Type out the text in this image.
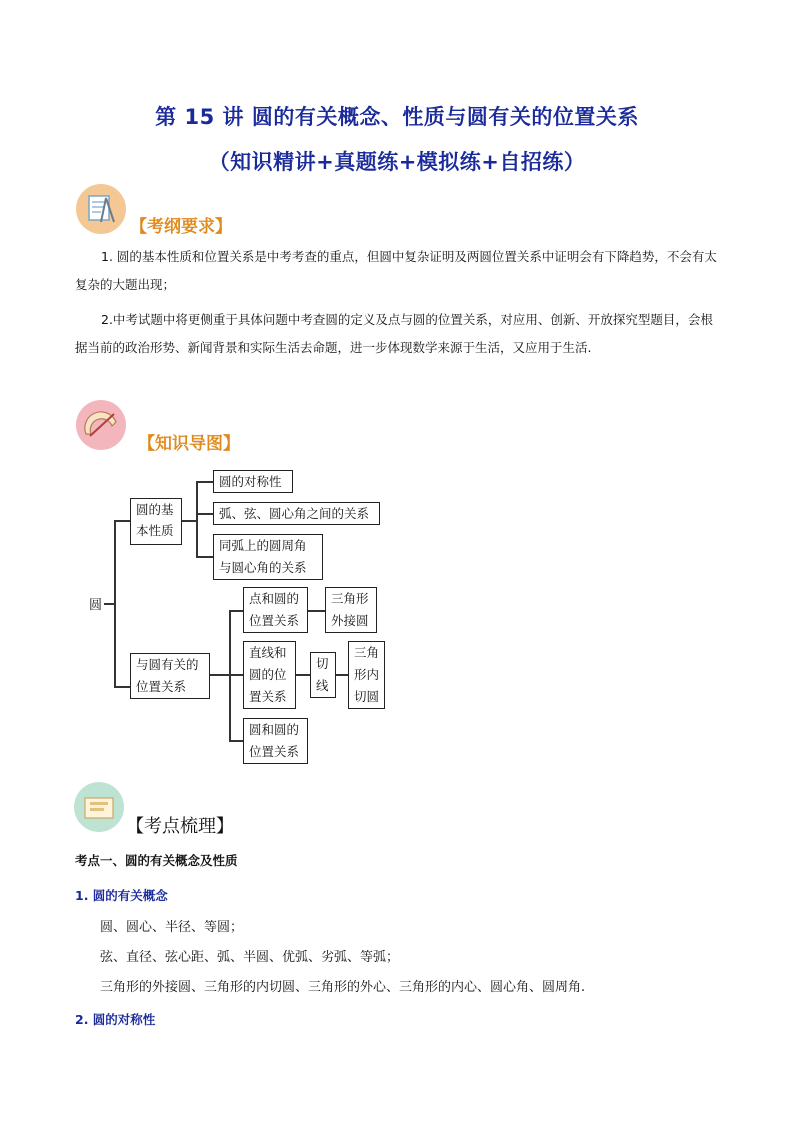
第 15 讲 圆的有关概念、性质与圆有关的位置关系
（知识精讲+真题练+模拟练+自招练）
【考纲要求】
1. 圆的基本性质和位置关系是中考考查的重点，但圆中复杂证明及两圆位置关系中证明会有下降趋势，不会有太复杂的大题出现；
2.中考试题中将更侧重于具体问题中考查圆的定义及点与圆的位置关系，对应用、创新、开放探究型题目，会根据当前的政治形势、新闻背景和实际生活去命题，进一步体现数学来源于生活，又应用于生活.
【知识导图】
圆
圆的基
本性质
圆的对称性
弧、弦、圆心角之间的关系
同弧上的圆周角
与圆心角的关系
与圆有关的
位置关系
点和圆的
位置关系
三角形
外接圆
直线和
圆的位
置关系
切
线
三角
形内
切圆
圆和圆的
位置关系
【考点梳理】
考点一、圆的有关概念及性质
1. 圆的有关概念
圆、圆心、半径、等圆；
弦、直径、弦心距、弧、半圆、优弧、劣弧、等弧；
三角形的外接圆、三角形的内切圆、三角形的外心、三角形的内心、圆心角、圆周角.
2. 圆的对称性
